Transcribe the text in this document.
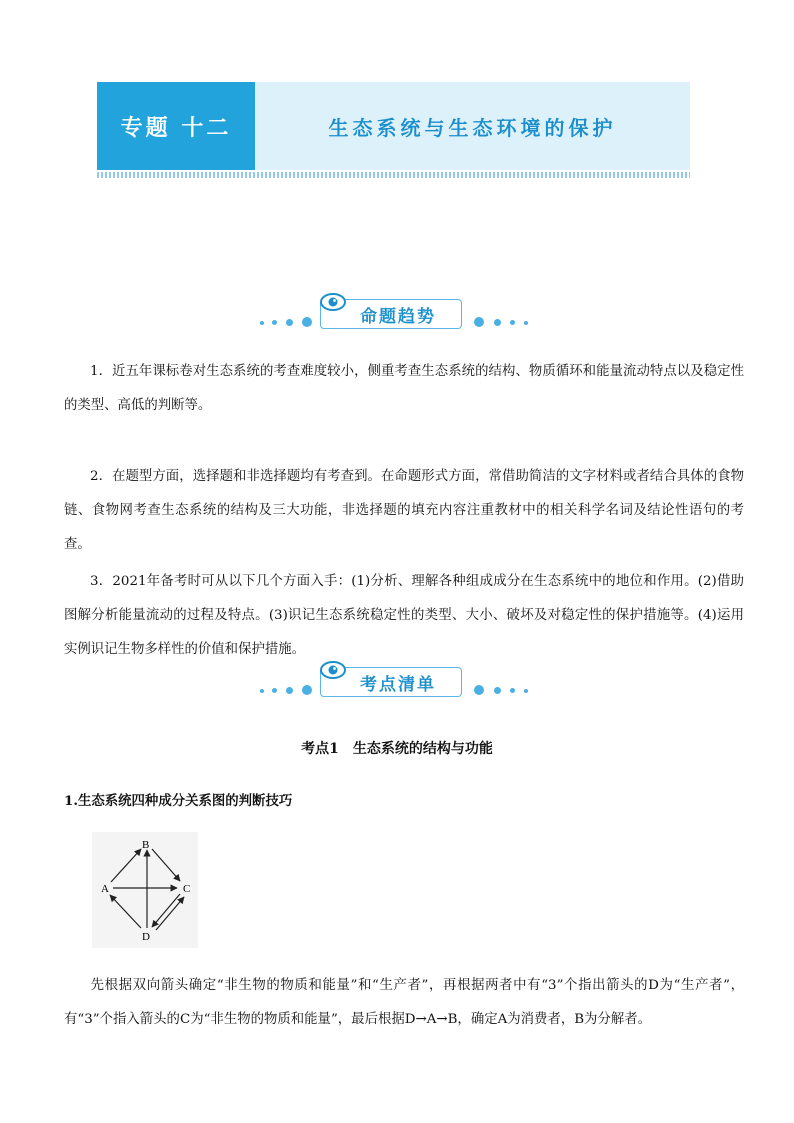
专题 十二	生态系统与生态环境的保护
命题趋势

1．近五年课标卷对生态系统的考查难度较小，侧重考查生态系统的结构、物质循环和能量流动特点以及稳定性的类型、高低的判断等。

2．在题型方面，选择题和非选择题均有考查到。在命题形式方面，常借助简洁的文字材料或者结合具体的食物链、食物网考查生态系统的结构及三大功能，非选择题的填充内容注重教材中的相关科学名词及结论性语句的考查。

3．2021年备考时可从以下几个方面入手：(1)分析、理解各种组成成分在生态系统中的地位和作用。(2)借助图解分析能量流动的过程及特点。(3)识记生态系统稳定性的类型、大小、破坏及对稳定性的保护措施等。(4)运用实例识记生物多样性的价值和保护措施。

考点清单
考点1　生态系统的结构与功能
1.生态系统四种成分关系图的判断技巧
A
B
C
D

先根据双向箭头确定“非生物的物质和能量”和“生产者”，再根据两者中有“3”个指出箭头的D为“生产者”，有“3”个指入箭头的C为“非生物的物质和能量”，最后根据D→A→B，确定A为消费者，B为分解者。
